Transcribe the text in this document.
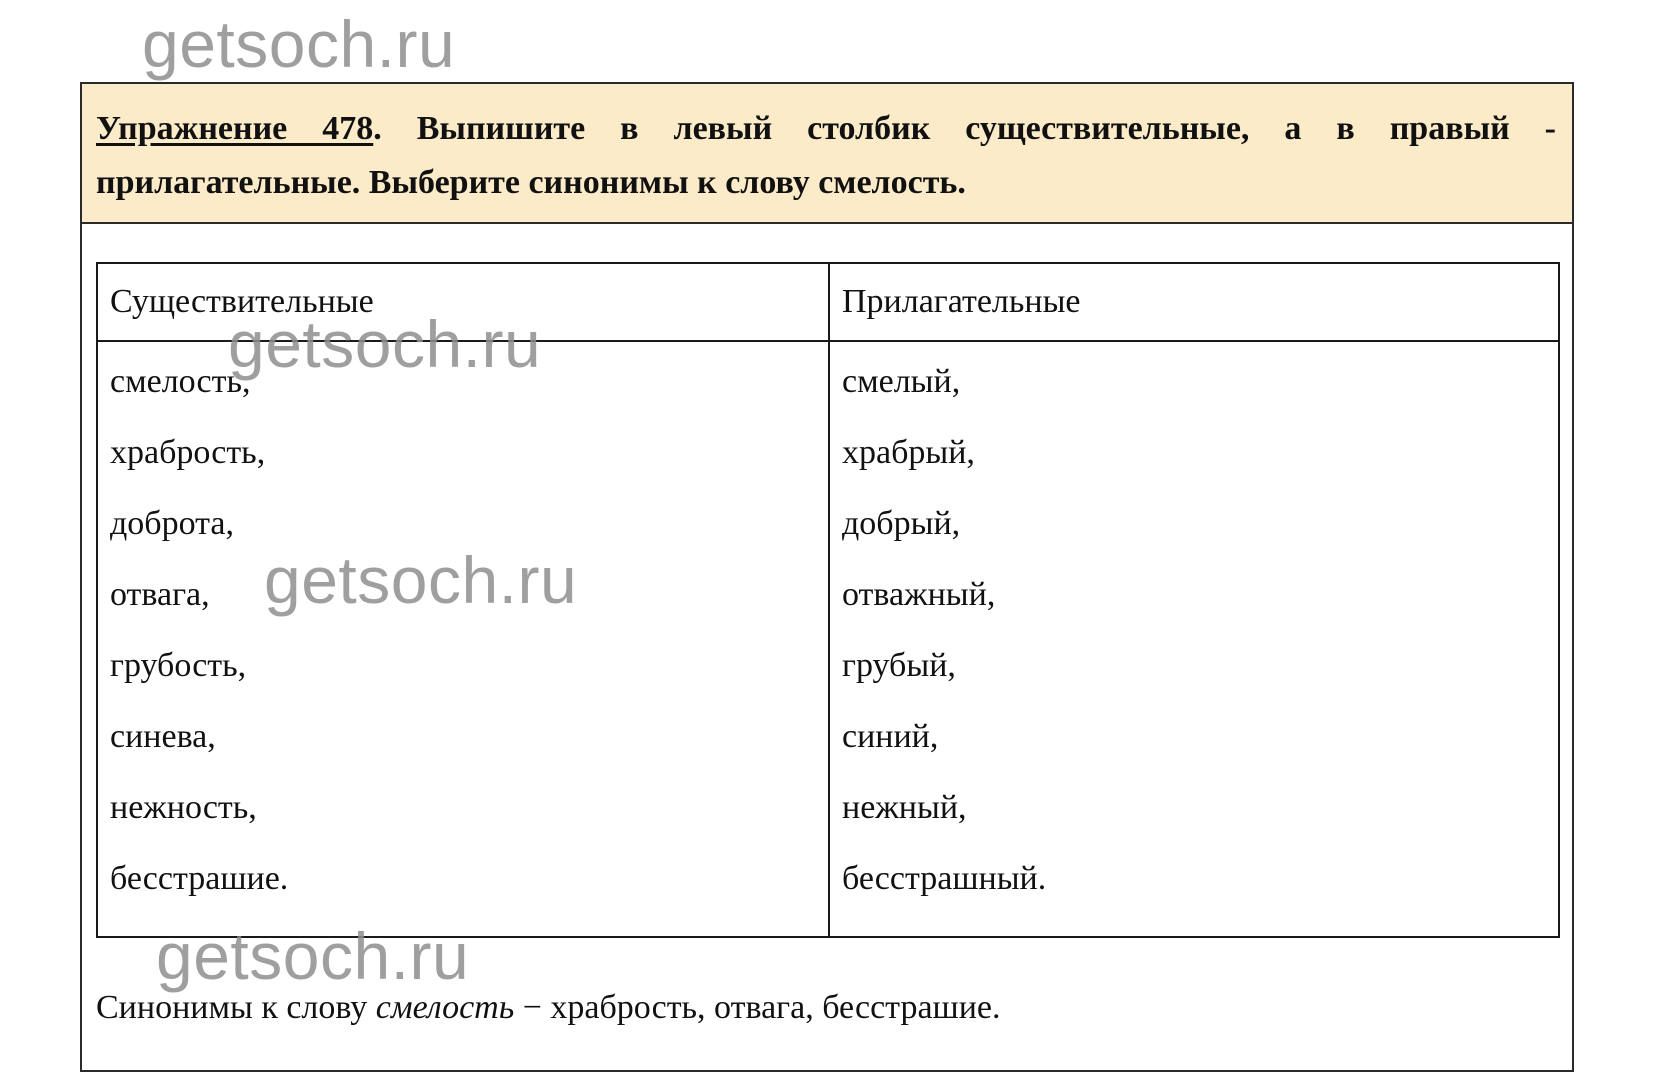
getsoch.ru
Упражнение 478. Выпишите в левый столбик существительные, а в правый - прилагательные. Выберите синонимы к слову смелость.
Существительные	Прилагательные
смелость,
храбрость,
доброта,
отвага,
грубость,
синева,
нежность,
бесстрашие.
смелый,
храбрый,
добрый,
отважный,
грубый,
синий,
нежный,
бесстрашный.
Синонимы к слову смелость − храбрость, отвага, бесстрашие.
getsoch.ru
getsoch.ru
getsoch.ru
